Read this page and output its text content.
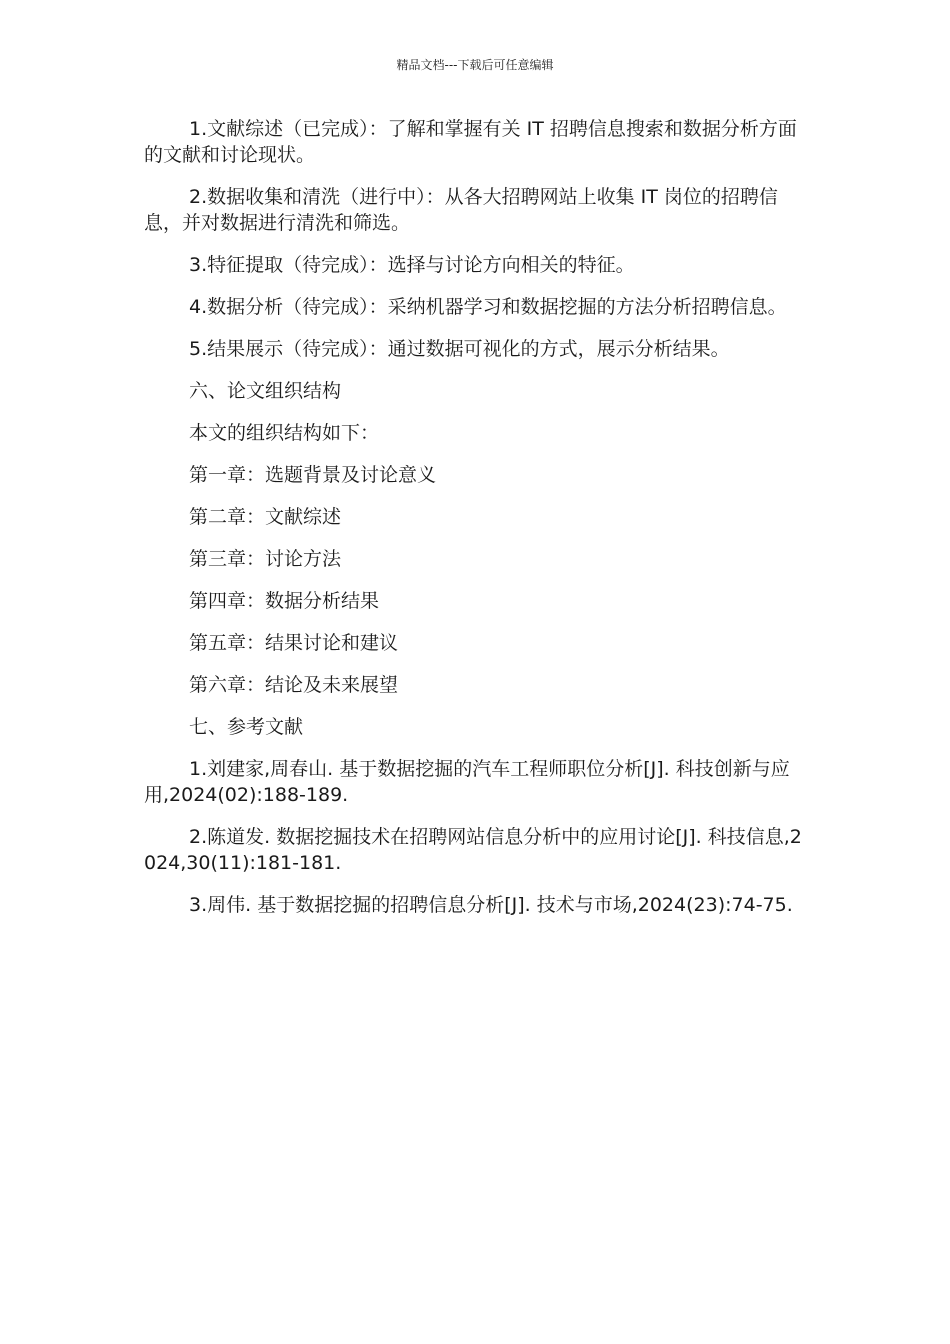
精品文档---下载后可任意编辑

1.文献综述（已完成）：了解和掌握有关 IT 招聘信息搜索和数据分析方面的文献和讨论现状。

2.数据收集和清洗（进行中）：从各大招聘网站上收集 IT 岗位的招聘信息，并对数据进行清洗和筛选。

3.特征提取（待完成）：选择与讨论方向相关的特征。

4.数据分析（待完成）：采纳机器学习和数据挖掘的方法分析招聘信息。

5.结果展示（待完成）：通过数据可视化的方式，展示分析结果。

六、论文组织结构

本文的组织结构如下：

第一章：选题背景及讨论意义

第二章：文献综述

第三章：讨论方法

第四章：数据分析结果

第五章：结果讨论和建议

第六章：结论及未来展望

七、参考文献

1.刘建家,周春山. 基于数据挖掘的汽车工程师职位分析[J]. 科技创新与应用,2024(02):188-189.

2.陈道发. 数据挖掘技术在招聘网站信息分析中的应用讨论[J]. 科技信息,2024,30(11):181-181.

3.周伟. 基于数据挖掘的招聘信息分析[J]. 技术与市场,2024(23):74-75.
